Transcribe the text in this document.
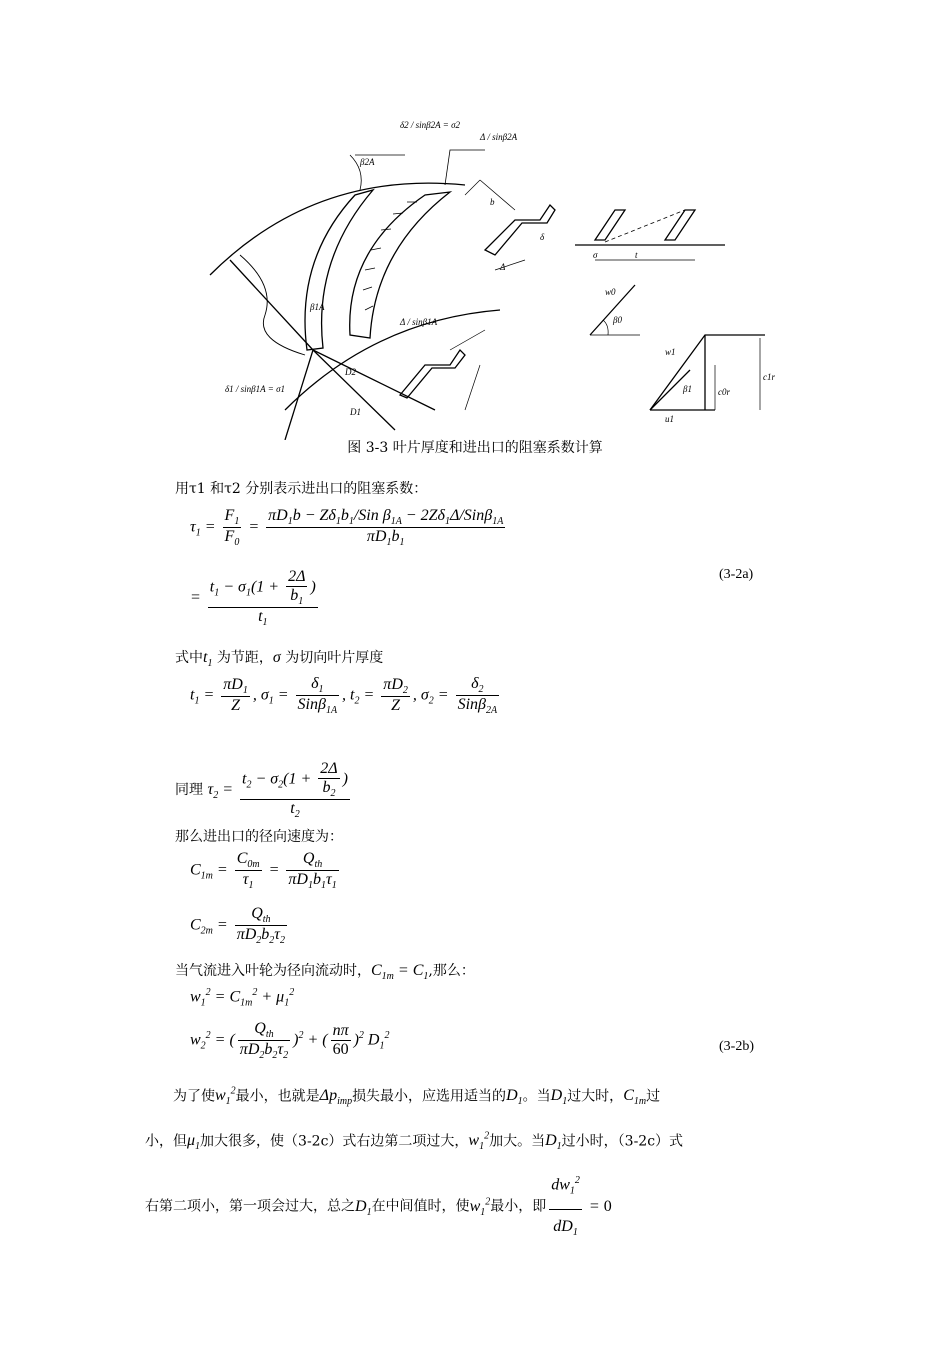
δ2 / sinβ2A = σ2
Δ / sinβ2A
β2A
β1A
Δ / sinβ1A
δ1 / sinβ1A = σ1
D2
D1
b
δ
Δ
σ	t
w0
β0
w1
β1	c0r
c1r
u1
图 3-3 叶片厚度和进出口的阻塞系数计算
用τ1 和τ2 分别表示进出口的阻塞系数：
$\tau_1 = \frac{F_1}{F_0} = \frac{\pi D_1b - Z\delta_1b_1/Sin \beta_{1A} - 2Z\delta_1\Delta/Sin\beta_{1A}}{\pi D_1b_1}$
= $\frac{t_1 - \sigma_1(1 + \frac{2\Delta}{b_1} )}{t_1}$	(3-2a)
式中$t_1$ 为节距，σ 为切向叶片厚度
$t_1 = \frac{\pi D_1}{Z}$ , $\sigma_1 = \frac{\delta_1}{Sin\beta_{1A}}$ , $t_2 = \frac{\pi D_2}{Z}$ , $\sigma_2 = \frac{\delta_2}{Sin\beta_{2A}}$
同理 $\tau_2 = \frac{t_2 - \sigma_2(1 + \frac{2\Delta}{b_2} )}{t_2}$
那么进出口的径向速度为：
$C_{1m} = \frac{C_{0m}}{\tau_1} = \frac{Q_{th}}{\pi D_1b_1\tau_1}$
$C_{2m} = \frac{Q_{th}}{\pi D_2b_2\tau_2}$
当气流进入叶轮为径向流动时，$C_{1m} = C_1$,那么：
$w_1^2 = C_{1m}^2 + \mu_1^2$
$w_2^2$ = ( $\frac{Q_{th}}{\pi D_2b_2\tau_2} )^2$ + ( $\frac{n\pi}{60} )^2$ $D_1^2$
(3-2b)
为了使$w_1^2$最小，也就是$\Delta p_{imp}$损失最小，应选用适当的$D_1$。当$D_1$过大时，$C_{1m}$过
小，但$\mu_1$加大很多，使（3-2c）式右边第二项过大，$w_1^2$加大。当$D_1$过小时，（3-2c）式
右第二项小，第一项会过大，总之$D_1$在中间值时，使$w_1^2$最小，即 $\frac{dw_1^2}{dD_1} = 0$
